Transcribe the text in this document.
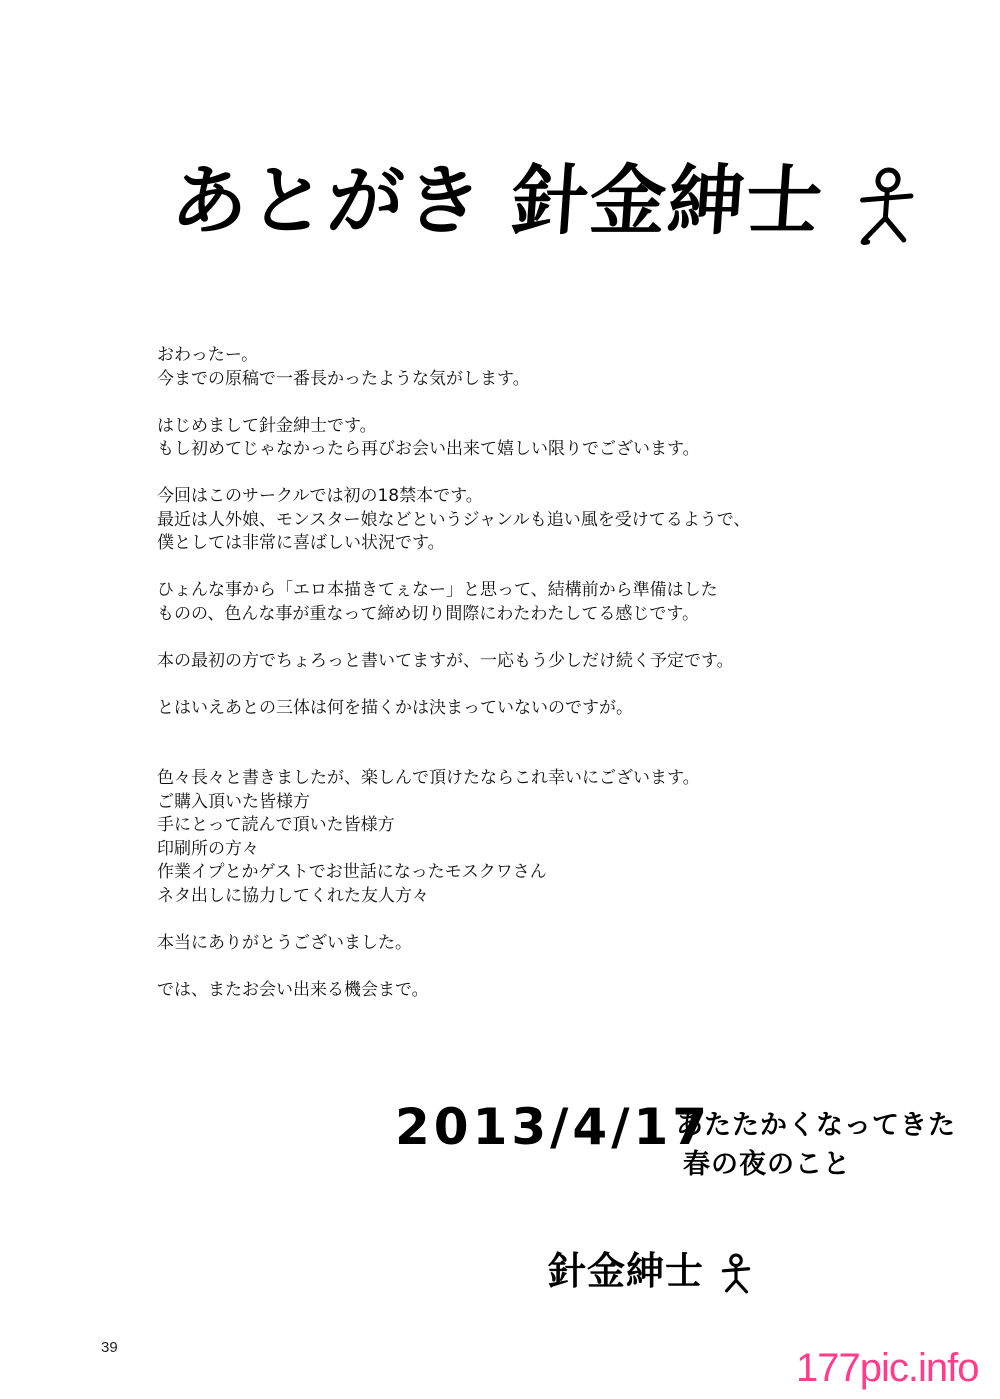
あとがき 針金紳士
おわったー。
今までの原稿で一番長かったような気がします。
はじめまして針金紳士です。
もし初めてじゃなかったら再びお会い出来て嬉しい限りでございます。
今回はこのサークルでは初の18禁本です。
最近は人外娘、モンスター娘などというジャンルも追い風を受けてるようで、
僕としては非常に喜ばしい状況です。
ひょんな事から「エロ本描きてぇなー」と思って、結構前から準備はした
ものの、色んな事が重なって締め切り間際にわたわたしてる感じです。
本の最初の方でちょろっと書いてますが、一応もう少しだけ続く予定です。
とはいえあとの三体は何を描くかは決まっていないのですが。
色々長々と書きましたが、楽しんで頂けたならこれ幸いにございます。
ご購入頂いた皆様方
手にとって読んで頂いた皆様方
印刷所の方々
作業イプとかゲストでお世話になったモスクワさん
ネタ出しに協力してくれた友人方々
本当にありがとうございました。
では、またお会い出来る機会まで。
2013/4/17
あたたかくなってきた
春の夜のこと
針金紳士
39	177pic.info
